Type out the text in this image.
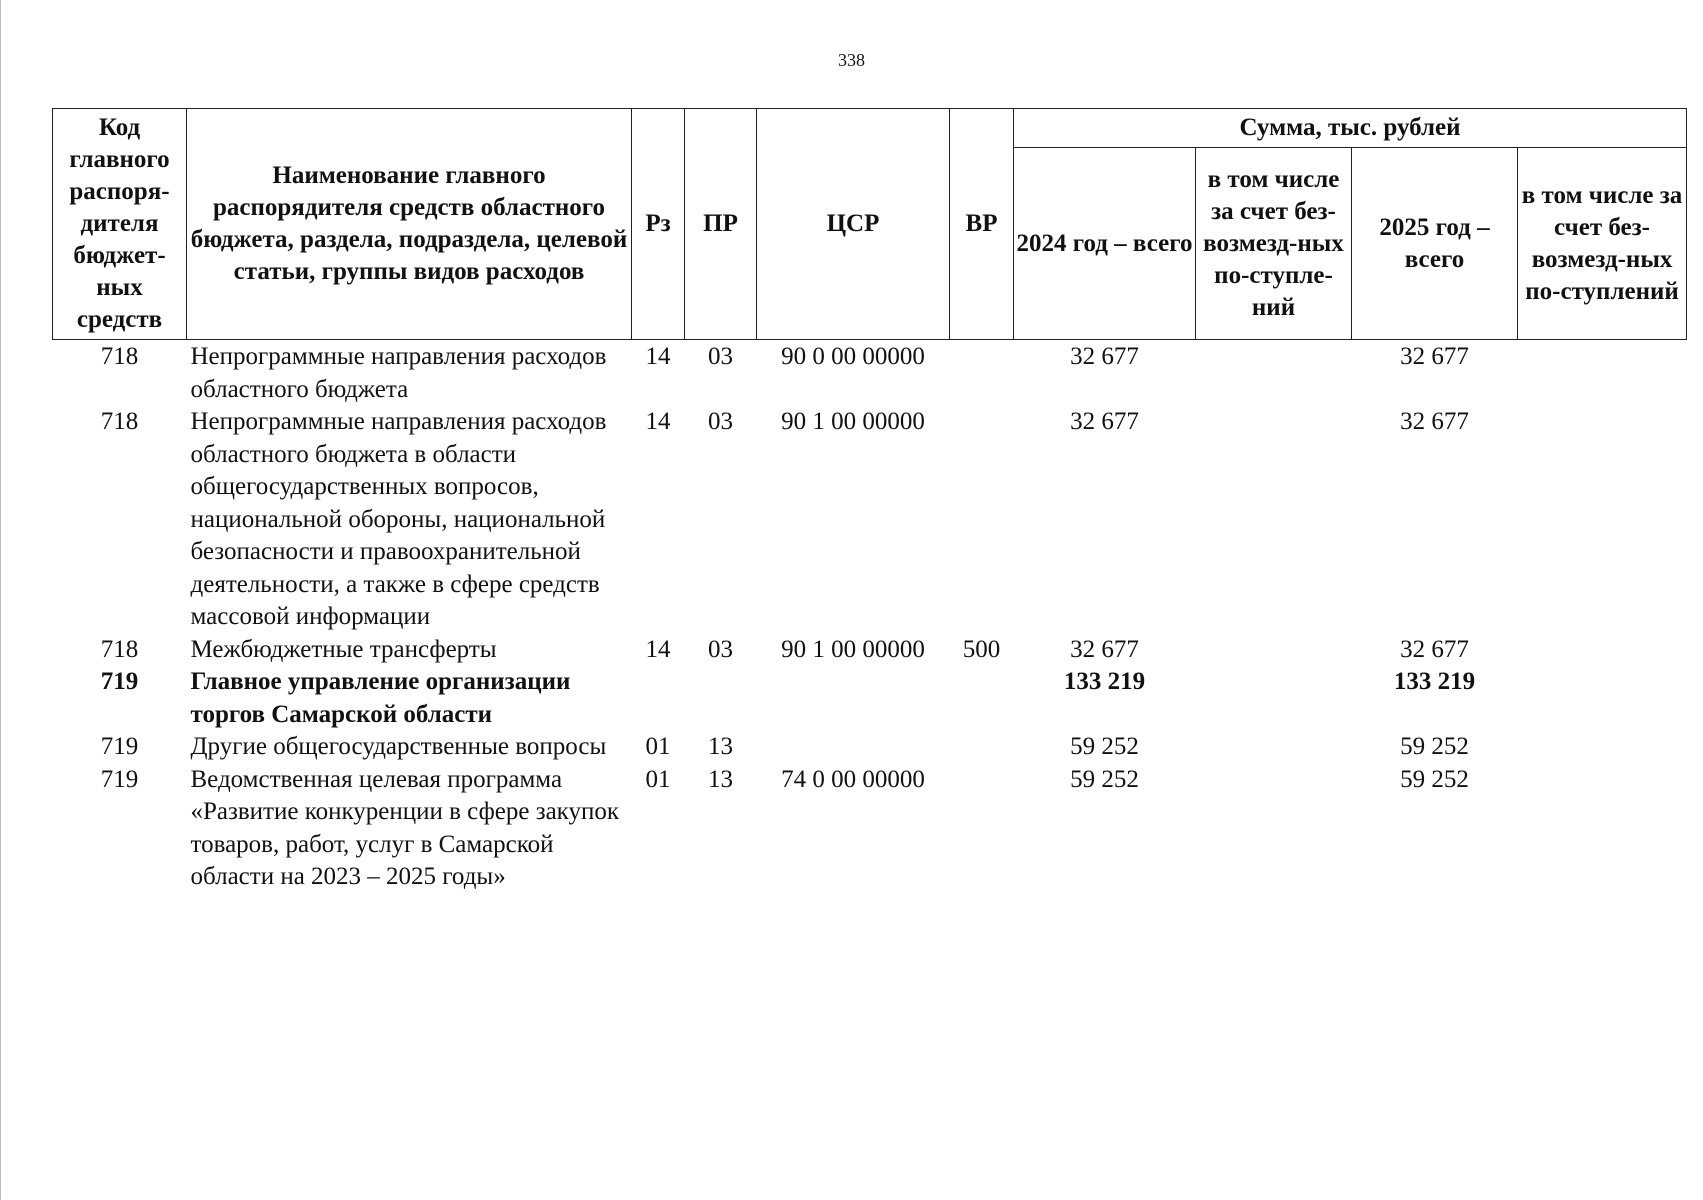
338
Код главного распоря-дителя бюджет-ных средств	Наименование главного распорядителя средств областного бюджета, раздела, подраздела, целевой статьи, группы видов расходов	Рз	ПР	ЦСР	ВР	Сумма, тыс. рублей			
						2024 год – всего	в том числе за счет без-возмезд-ных по-ступле-ний	2025 год – всего	в том числе за счет без-возмезд-ных по-ступлений
718	Непрограммные направления расходов областного бюджета	14	03	90 0 00 00000		32 677		32 677	
718	Непрограммные направления расходов областного бюджета в области общегосударственных вопросов, национальной обороны, национальной безопасности и правоохранительной деятельности, а также в сфере средств массовой информации	14	03	90 1 00 00000		32 677		32 677	
718	Межбюджетные трансферты	14	03	90 1 00 00000	500	32 677		32 677	
719	Главное управление организации торгов Самарской области					133 219		133 219	
719	Другие общегосударственные вопросы	01	13			59 252		59 252	
719	Ведомственная целевая программа «Развитие конкуренции в сфере закупок товаров, работ, услуг в Самарской области на 2023 – 2025 годы»	01	13	74 0 00 00000		59 252		59 252	
